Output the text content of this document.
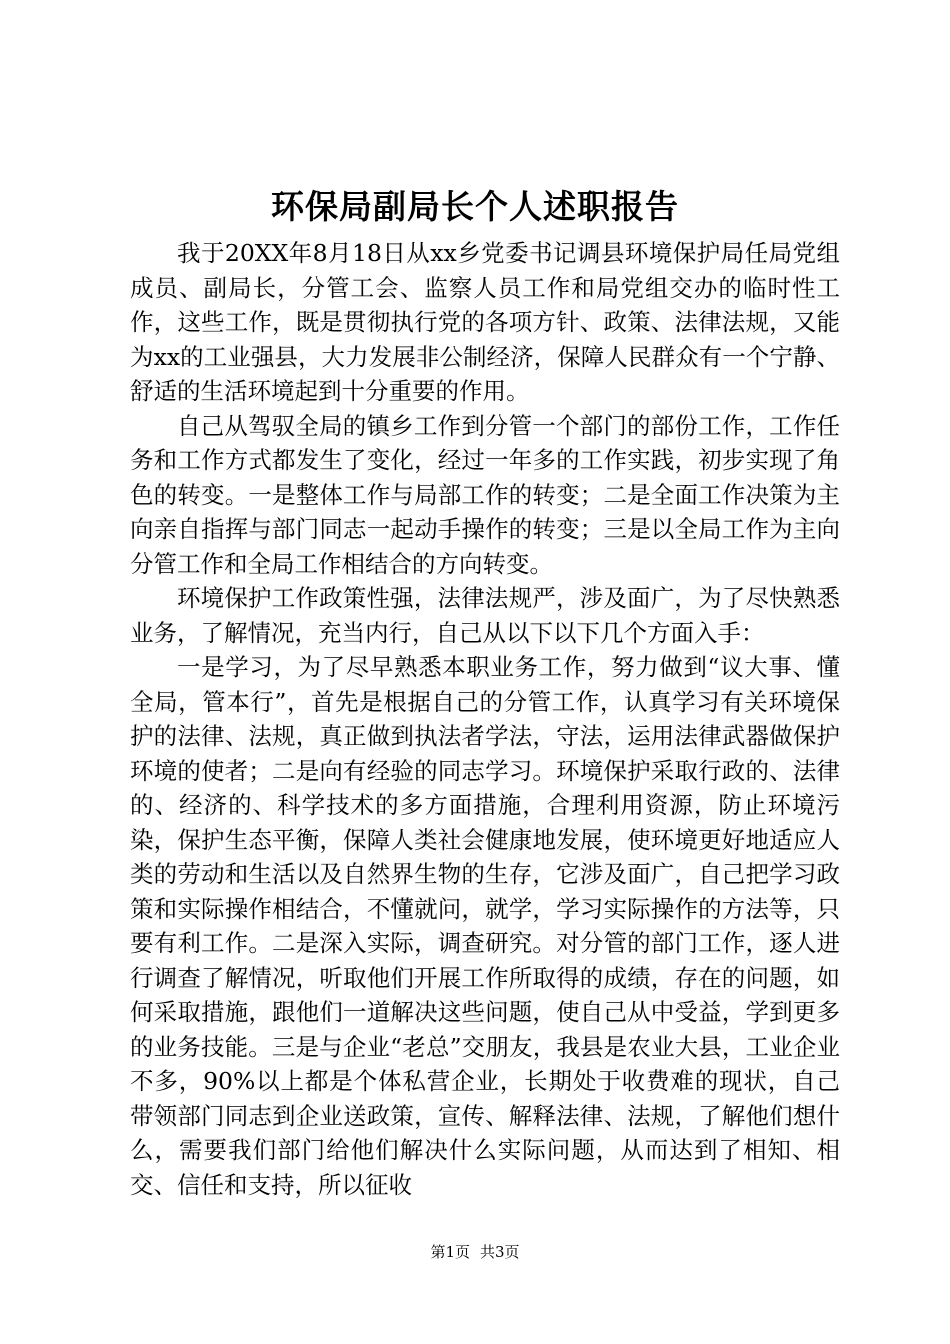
环保局副局长个人述职报告

我于20XX年8月18日从xx乡党委书记调县环境保护局任局党组成员、副局长，分管工会、监察人员工作和局党组交办的临时性工作，这些工作，既是贯彻执行党的各项方针、政策、法律法规，又能为xx的工业强县，大力发展非公制经济，保障人民群众有一个宁静、舒适的生活环境起到十分重要的作用。

自己从驾驭全局的镇乡工作到分管一个部门的部份工作，工作任务和工作方式都发生了变化，经过一年多的工作实践，初步实现了角色的转变。一是整体工作与局部工作的转变；二是全面工作决策为主向亲自指挥与部门同志一起动手操作的转变；三是以全局工作为主向分管工作和全局工作相结合的方向转变。

环境保护工作政策性强，法律法规严，涉及面广，为了尽快熟悉业务，了解情况，充当内行，自己从以下以下几个方面入手：

一是学习，为了尽早熟悉本职业务工作，努力做到“议大事、懂全局，管本行”，首先是根据自己的分管工作，认真学习有关环境保护的法律、法规，真正做到执法者学法，守法，运用法律武器做保护环境的使者；二是向有经验的同志学习。环境保护采取行政的、法律的、经济的、科学技术的多方面措施，合理利用资源，防止环境污染，保护生态平衡，保障人类社会健康地发展，使环境更好地适应人类的劳动和生活以及自然界生物的生存，它涉及面广，自己把学习政策和实际操作相结合，不懂就问，就学，学习实际操作的方法等，只要有利工作。二是深入实际，调查研究。对分管的部门工作，逐人进行调查了解情况，听取他们开展工作所取得的成绩，存在的问题，如何采取措施，跟他们一道解决这些问题，使自己从中受益，学到更多的业务技能。三是与企业“老总”交朋友，我县是农业大县，工业企业不多，90%以上都是个体私营企业，长期处于收费难的现状，自己带领部门同志到企业送政策，宣传、解释法律、法规，了解他们想什么，需要我们部门给他们解决什么实际问题，从而达到了相知、相交、信任和支持，所以征收

第1页 共3页
